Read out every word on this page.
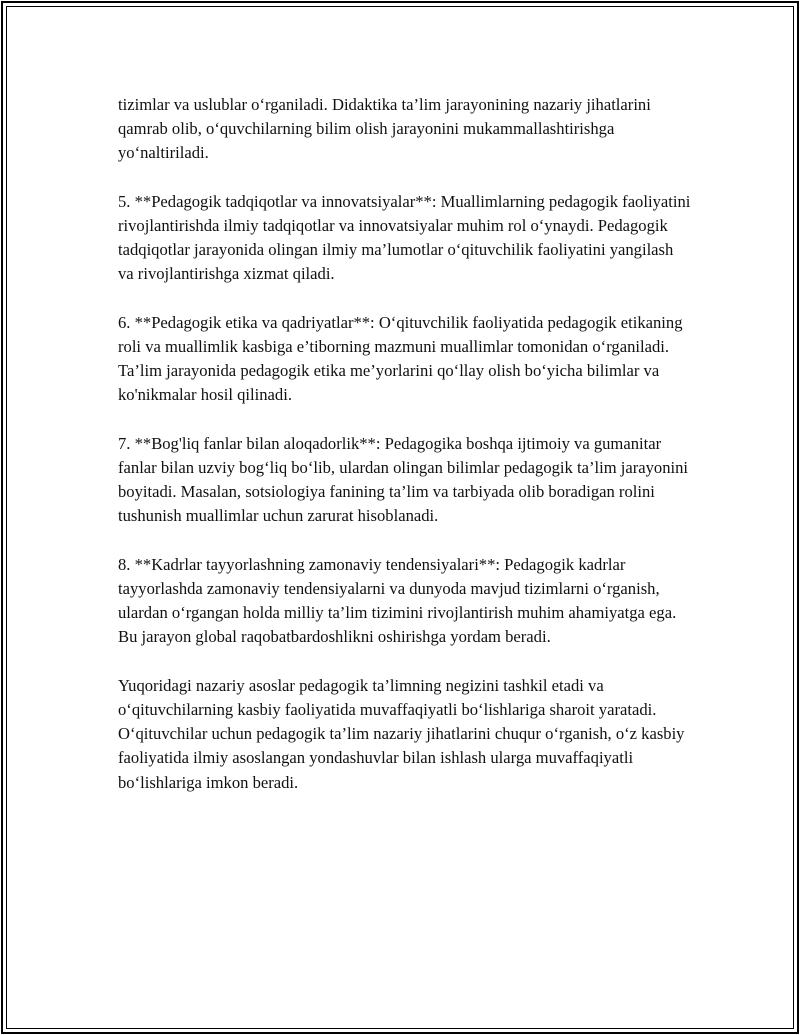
tizimlar va uslublar o‘rganiladi. Didaktika ta’lim jarayonining nazariy jihatlarini qamrab olib, o‘quvchilarning bilim olish jarayonini mukammallashtirishga yo‘naltiriladi.

5. **Pedagogik tadqiqotlar va innovatsiyalar**: Muallimlarning pedagogik faoliyatini rivojlantirishda ilmiy tadqiqotlar va innovatsiyalar muhim rol o‘ynaydi. Pedagogik tadqiqotlar jarayonida olingan ilmiy ma’lumotlar o‘qituvchilik faoliyatini yangilash va rivojlantirishga xizmat qiladi.

6. **Pedagogik etika va qadriyatlar**: O‘qituvchilik faoliyatida pedagogik etikaning roli va muallimlik kasbiga e’tiborning mazmuni muallimlar tomonidan o‘rganiladi. Ta’lim jarayonida pedagogik etika me’yorlarini qo‘llay olish bo‘yicha bilimlar va ko'nikmalar hosil qilinadi.

7. **Bog'liq fanlar bilan aloqadorlik**: Pedagogika boshqa ijtimoiy va gumanitar fanlar bilan uzviy bog‘liq bo‘lib, ulardan olingan bilimlar pedagogik ta’lim jarayonini boyitadi. Masalan, sotsiologiya fanining ta’lim va tarbiyada olib boradigan rolini tushunish muallimlar uchun zarurat hisoblanadi.

8. **Kadrlar tayyorlashning zamonaviy tendensiyalari**: Pedagogik kadrlar tayyorlashda zamonaviy tendensiyalarni va dunyoda mavjud tizimlarni o‘rganish, ulardan o‘rgangan holda milliy ta’lim tizimini rivojlantirish muhim ahamiyatga ega. Bu jarayon global raqobatbardoshlikni oshirishga yordam beradi.

Yuqoridagi nazariy asoslar pedagogik ta’limning negizini tashkil etadi va o‘qituvchilarning kasbiy faoliyatida muvaffaqiyatli bo‘lishlariga sharoit yaratadi. O‘qituvchilar uchun pedagogik ta’lim nazariy jihatlarini chuqur o‘rganish, o‘z kasbiy faoliyatida ilmiy asoslangan yondashuvlar bilan ishlash ularga muvaffaqiyatli bo‘lishlariga imkon beradi.
